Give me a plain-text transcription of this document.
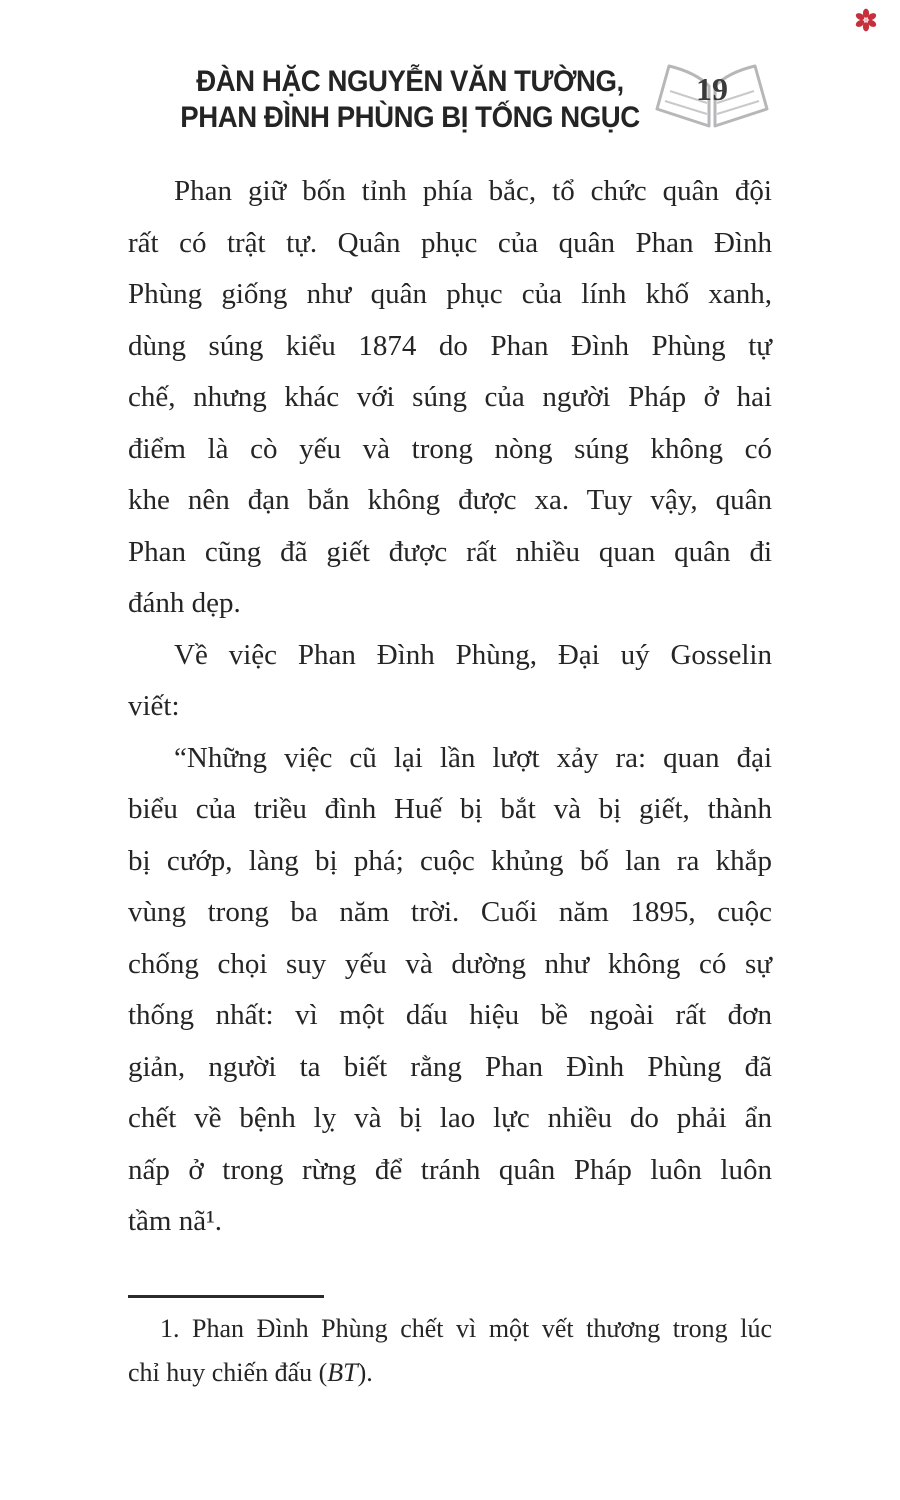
ĐÀN HẶC NGUYỄN VĂN TƯỜNG,
PHAN ĐÌNH PHÙNG BỊ TỐNG NGỤC
19
Phan giữ bốn tỉnh phía bắc, tổ chức quân đội
rất có trật tự. Quân phục của quân Phan Đình
Phùng giống như quân phục của lính khố xanh,
dùng súng kiểu 1874 do Phan Đình Phùng tự
chế, nhưng khác với súng của người Pháp ở hai
điểm là cò yếu và trong nòng súng không có
khe nên đạn bắn không được xa. Tuy vậy, quân
Phan cũng đã giết được rất nhiều quan quân đi
đánh dẹp.
Về việc Phan Đình Phùng, Đại uý Gosselin
viết:
“Những việc cũ lại lần lượt xảy ra: quan đại
biểu của triều đình Huế bị bắt và bị giết, thành
bị cướp, làng bị phá; cuộc khủng bố lan ra khắp
vùng trong ba năm trời. Cuối năm 1895, cuộc
chống chọi suy yếu và dường như không có sự
thống nhất: vì một dấu hiệu bề ngoài rất đơn
giản, người ta biết rằng Phan Đình Phùng đã
chết về bệnh lỵ và bị lao lực nhiều do phải ẩn
nấp ở trong rừng để tránh quân Pháp luôn luôn
tầm nã¹.
1. Phan Đình Phùng chết vì một vết thương trong lúc
chỉ huy chiến đấu (BT).
